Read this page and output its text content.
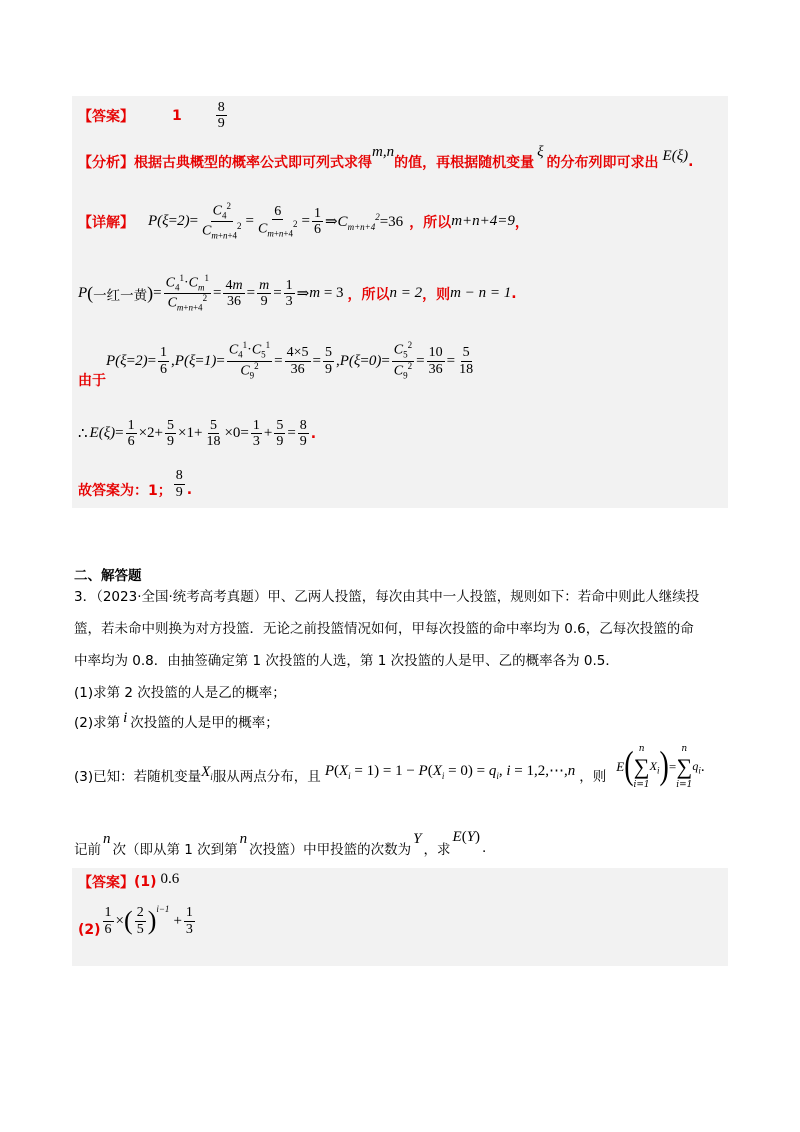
【答案】	$1 \frac{8}{9}$
【分析】 根据古典概型的概率公式即可列式求得
m,n
的值，再根据随机变量
ξ
的分布列即可求出 E(ξ) .
【详解】 $P(\xi=2)= \frac{C_4^2}{C_{m+n+4}^2} = \frac{6}{C_{m+n+4}^2} = \frac{1}{6}$ ⇒ $C_{m+n+4}^2=36$ ，所以 m+n+4=9 ，
P ( 一红一黄 ) = $\frac{C_4^1\cdot C_m^1}{C_{m+n+4}^2} = \frac{4m}{36} = \frac{m}{9} = \frac{1}{3}$ ⇒ m = 3 ，所以 n = 2 ，则 m − n = 1 .
由于
$P(\xi=2)= \frac{1}{6}$ , $P(\xi=1)= \frac{C_4^1\cdot C_5^1}{C_9^2} = \frac{4\times 5}{36} = \frac{5}{9}$ , $P(\xi=0)= \frac{C_5^2}{C_9^2} = \frac{10}{36} = \frac{5}{18}$
∴ $E(\xi) = \frac{1}{6} \times 2+ \frac{5}{9} \times 1+ \frac{5}{18} \times 0= \frac{1}{3} + \frac{5}{9} = \frac{8}{9}$ .
故答案为：1； $\frac{8}{9}$ .
二、解答题
3．（2023·全国·统考高考真题）甲、乙两人投篮，每次由其中一人投篮，规则如下：若命中则此人继续投
篮，若未命中则换为对方投篮．无论之前投篮情况如何，甲每次投篮的命中率均为 0.6，乙每次投篮的命
中率均为 0.8．由抽签确定第 1 次投篮的人选，第 1 次投篮的人是甲、乙的概率各为 0.5．
(1)求第 2 次投篮的人是乙的概率；
(2)求第 i 次投篮的人是甲的概率；
(3)已知：若随机变量 $X_i$ 服从两点分布，且 $P(X_i = 1) = 1 - P(X_i = 0) = q_i$, i = 1,2,⋯,n ，则
E ( n
∑
i=1
$X_i$ ) =
n
∑
i=1
$q_i$ .
记前
n
次（即从第 1 次到第
n
次投篮）中甲投篮的次数为
Y
，求
E(Y)
.
【答案】 (1) 0.6
$(2) \frac{1}{6}$ × ( $\frac{2}{5}$ ) i−1
+ $\frac{1}{3}$
